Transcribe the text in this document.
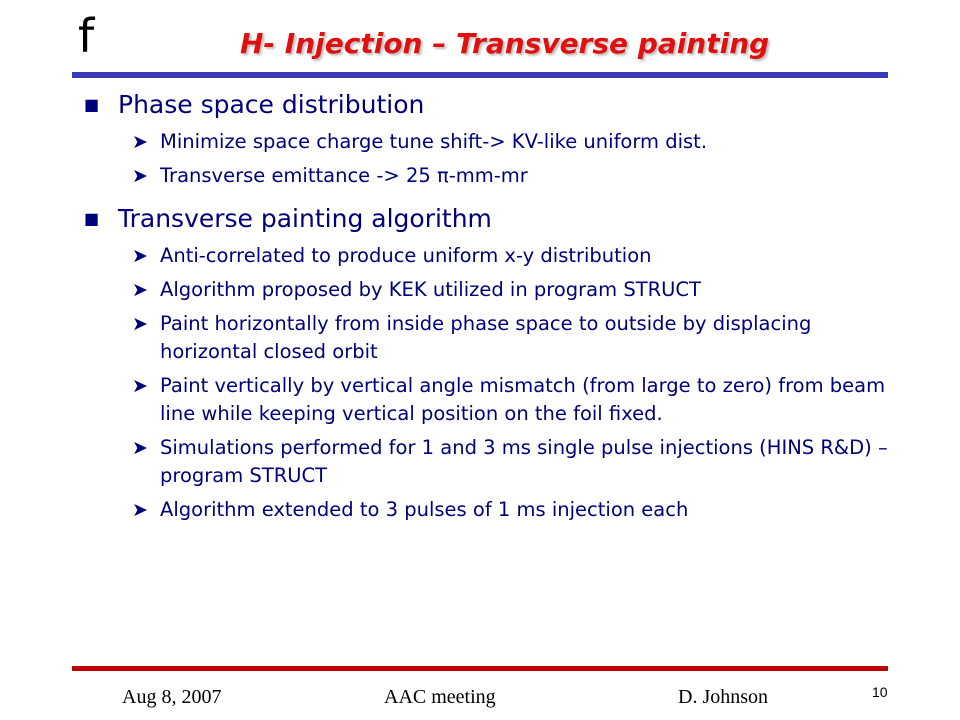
f	H- Injection – Transverse painting
■ Phase space distribution
➤ Minimize space charge tune shift-> KV-like uniform dist.
➤ Transverse emittance -> 25 π-mm-mr
■ Transverse painting algorithm
➤ Anti-correlated to produce uniform x-y distribution
➤ Algorithm proposed by KEK utilized in program STRUCT
➤ Paint horizontally from inside phase space to outside by displacing horizontal closed orbit
➤ Paint vertically by vertical angle mismatch (from large to zero) from beam line while keeping vertical position on the foil fixed.
➤ Simulations performed for 1 and 3 ms single pulse injections (HINS R&D) – program STRUCT
➤ Algorithm extended to 3 pulses of 1 ms injection each
Aug 8, 2007	AAC meeting	D. Johnson	10
